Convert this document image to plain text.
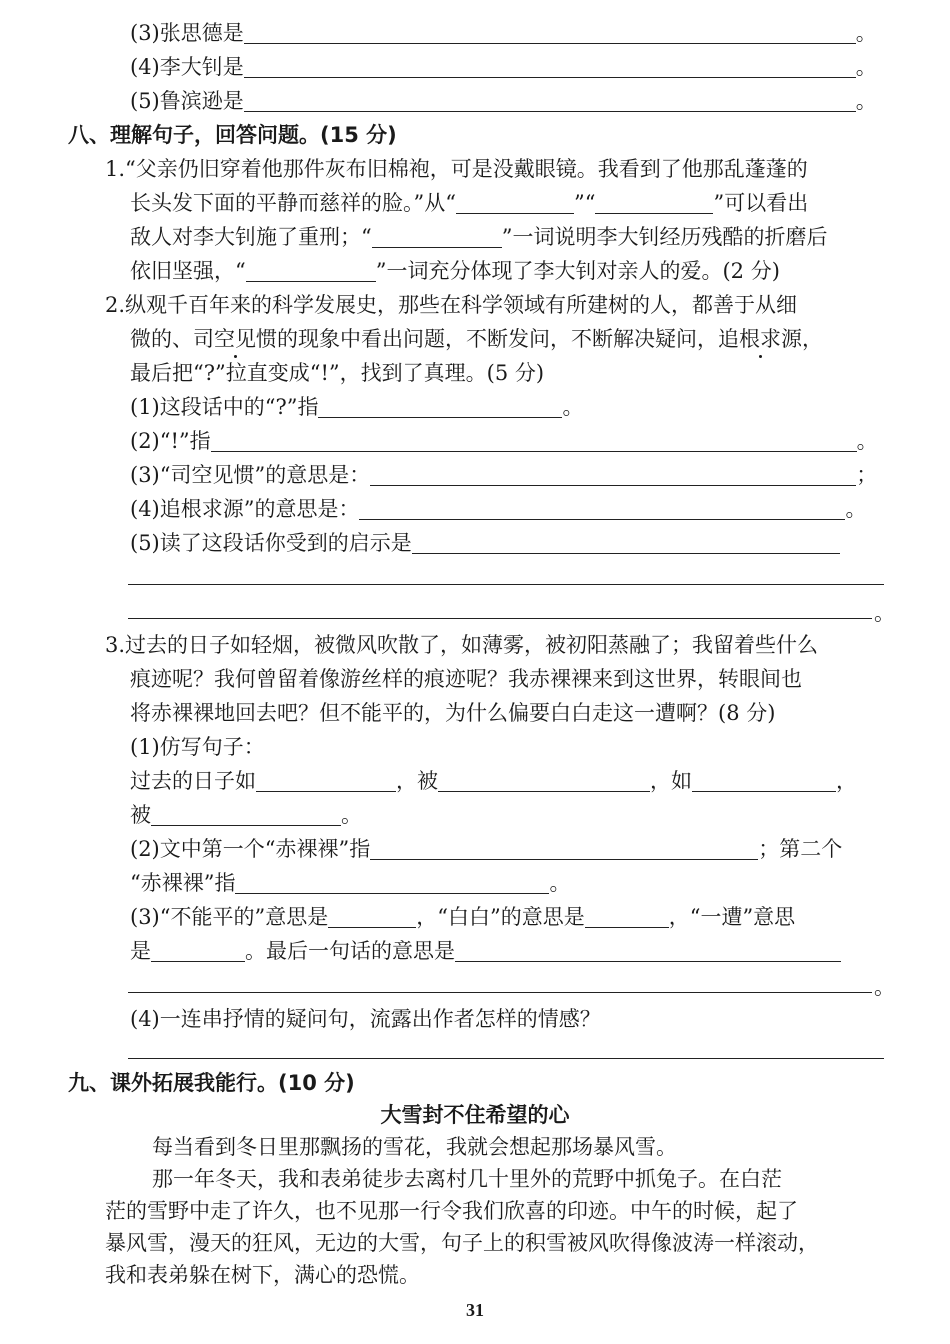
(3)张思德是	。
(4)李大钊是	。
(5)鲁滨逊是	。
八、理解句子，回答问题。(15 分)
1.“父亲仍旧穿着他那件灰布旧棉袍，可是没戴眼镜。我看到了他那乱蓬蓬的
长头发下面的平静而慈祥的脸。”从“	”“	”可以看出
敌人对李大钊施了重刑；“	”一词说明李大钊经历残酷的折磨后
依旧坚强，“	”一词充分体现了李大钊对亲人的爱。(2 分)
2.纵观千百年来的科学发展史，那些在科学领域有所建树的人，都善于从细
微的、司空见惯的现象中看出问题，不断发问，不断解决疑问，追根求源，
最后把“?”拉直变成“!”，找到了真理。(5 分)
(1)这段话中的“?”指	。
(2)“!”指	。
(3)“司空见惯”的意思是：	；
(4)追根求源”的意思是：	。
(5)读了这段话你受到的启示是
。
3.过去的日子如轻烟，被微风吹散了，如薄雾，被初阳蒸融了；我留着些什么
痕迹呢？我何曾留着像游丝样的痕迹呢？我赤裸裸来到这世界，转眼间也
将赤裸裸地回去吧？但不能平的，为什么偏要白白走这一遭啊？(8 分)
(1)仿写句子：
过去的日子如	，被	，如	，
被	。
(2)文中第一个“赤裸裸”指	；第二个
“赤裸裸”指	。
(3)“不能平的”意思是	，“白白”的意思是	，“一遭”意思
是	。最后一句话的意思是
。
(4)一连串抒情的疑问句，流露出作者怎样的情感？
九、课外拓展我能行。(10 分)
大雪封不住希望的心
每当看到冬日里那飘扬的雪花，我就会想起那场暴风雪。
那一年冬天，我和表弟徒步去离村几十里外的荒野中抓兔子。在白茫
茫的雪野中走了许久，也不见那一行令我们欣喜的印迹。中午的时候，起了
暴风雪，漫天的狂风，无边的大雪，句子上的积雪被风吹得像波涛一样滚动，
我和表弟躲在树下，满心的恐慌。
31
